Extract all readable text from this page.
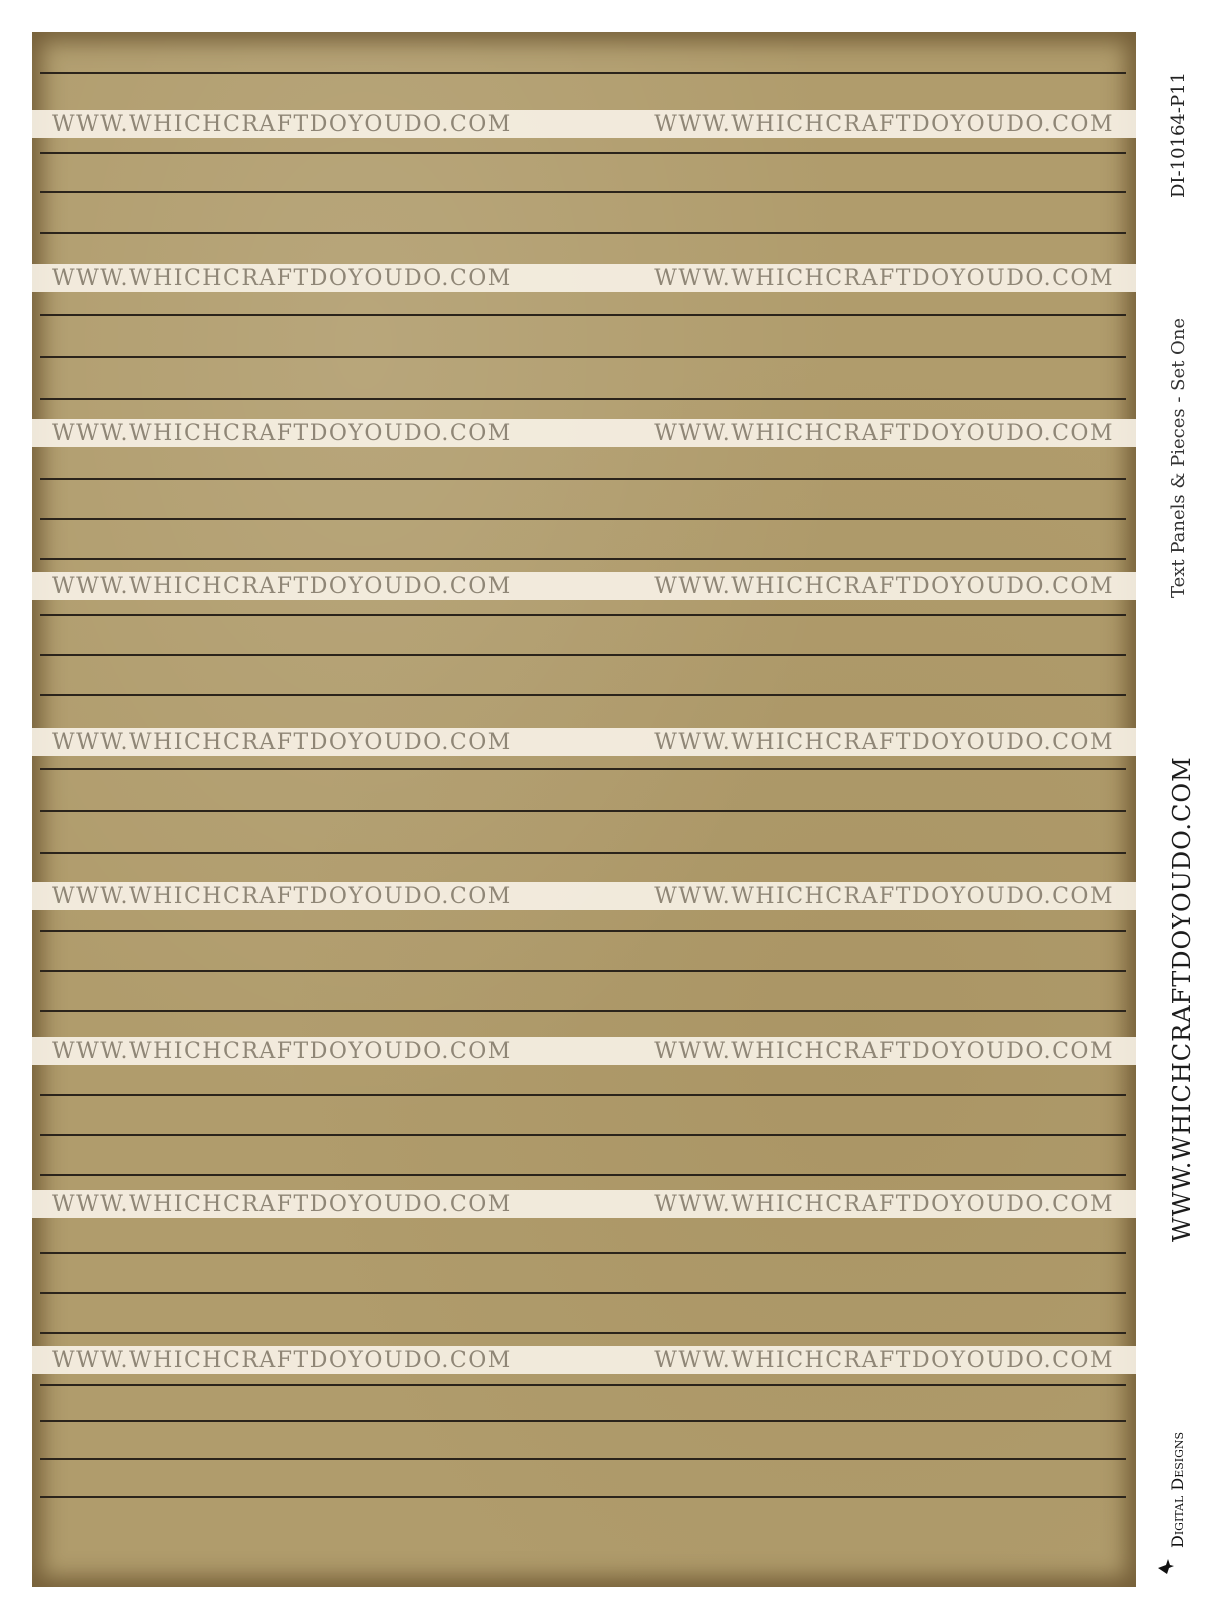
WWW.WHICHCRAFTDOYOUDO.COM	WWW.WHICHCRAFTDOYOUDO.COM
WWW.WHICHCRAFTDOYOUDO.COM	WWW.WHICHCRAFTDOYOUDO.COM
WWW.WHICHCRAFTDOYOUDO.COM	WWW.WHICHCRAFTDOYOUDO.COM
WWW.WHICHCRAFTDOYOUDO.COM	WWW.WHICHCRAFTDOYOUDO.COM
WWW.WHICHCRAFTDOYOUDO.COM	WWW.WHICHCRAFTDOYOUDO.COM
WWW.WHICHCRAFTDOYOUDO.COM	WWW.WHICHCRAFTDOYOUDO.COM
WWW.WHICHCRAFTDOYOUDO.COM	WWW.WHICHCRAFTDOYOUDO.COM
WWW.WHICHCRAFTDOYOUDO.COM	WWW.WHICHCRAFTDOYOUDO.COM
WWW.WHICHCRAFTDOYOUDO.COM	WWW.WHICHCRAFTDOYOUDO.COM
DI-10164-P11
Text Panels & Pieces - Set One
WWW.WHICHCRAFTDOYOUDO.COM
Digital Designs
